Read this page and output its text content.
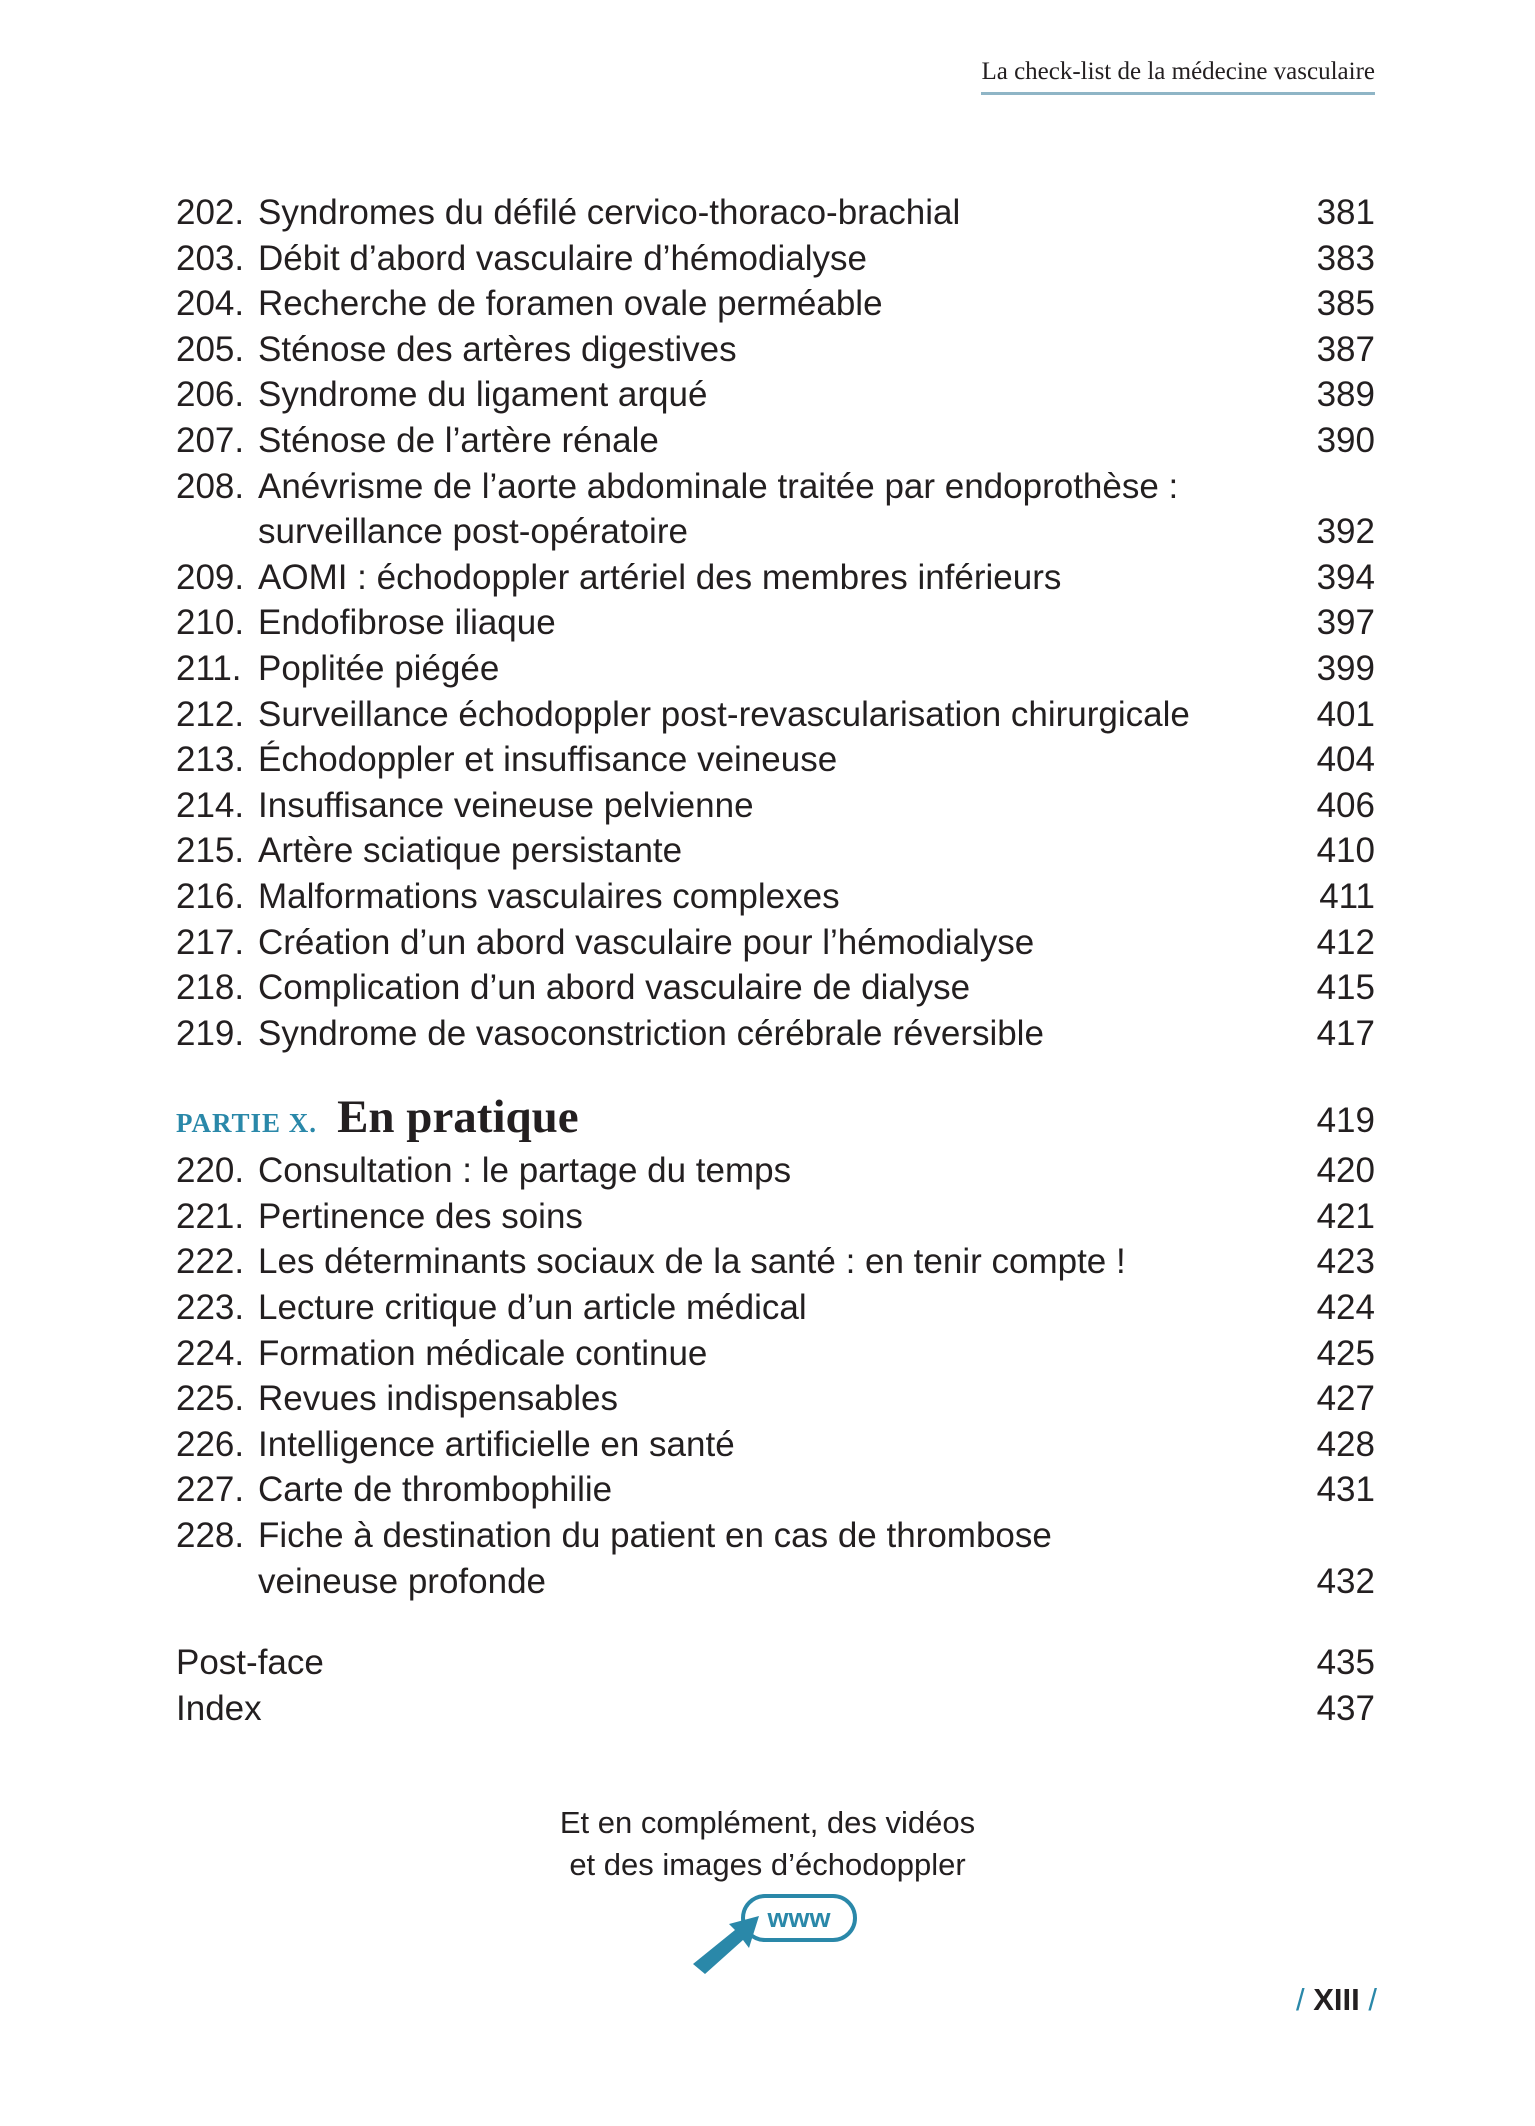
La check-list de la médecine vasculaire
202. Syndromes du défilé cervico-thoraco-brachial	381
203. Débit d’abord vasculaire d’hémodialyse	383
204. Recherche de foramen ovale perméable	385
205. Sténose des artères digestives	387
206. Syndrome du ligament arqué	389
207. Sténose de l’artère rénale	390
208. Anévrisme de l’aorte abdominale traitée par endoprothèse :
surveillance post-opératoire	392
209. AOMI : échodoppler artériel des membres inférieurs	394
210. Endofibrose iliaque	397
211. Poplitée piégée	399
212. Surveillance échodoppler post-revascularisation chirurgicale	401
213. Échodoppler et insuffisance veineuse	404
214. Insuffisance veineuse pelvienne	406
215. Artère sciatique persistante	410
216. Malformations vasculaires complexes	411
217. Création d’un abord vasculaire pour l’hémodialyse	412
218. Complication d’un abord vasculaire de dialyse	415
219. Syndrome de vasoconstriction cérébrale réversible	417
PARTIE X. En pratique	419
220. Consultation : le partage du temps	420
221. Pertinence des soins	421
222. Les déterminants sociaux de la santé : en tenir compte !	423
223. Lecture critique d’un article médical	424
224. Formation médicale continue	425
225. Revues indispensables	427
226. Intelligence artificielle en santé	428
227. Carte de thrombophilie	431
228. Fiche à destination du patient en cas de thrombose
veineuse profonde	432
Post-face	435
Index	437
Et en complément, des vidéos
et des images d’échodoppler
www
/ XIII /
